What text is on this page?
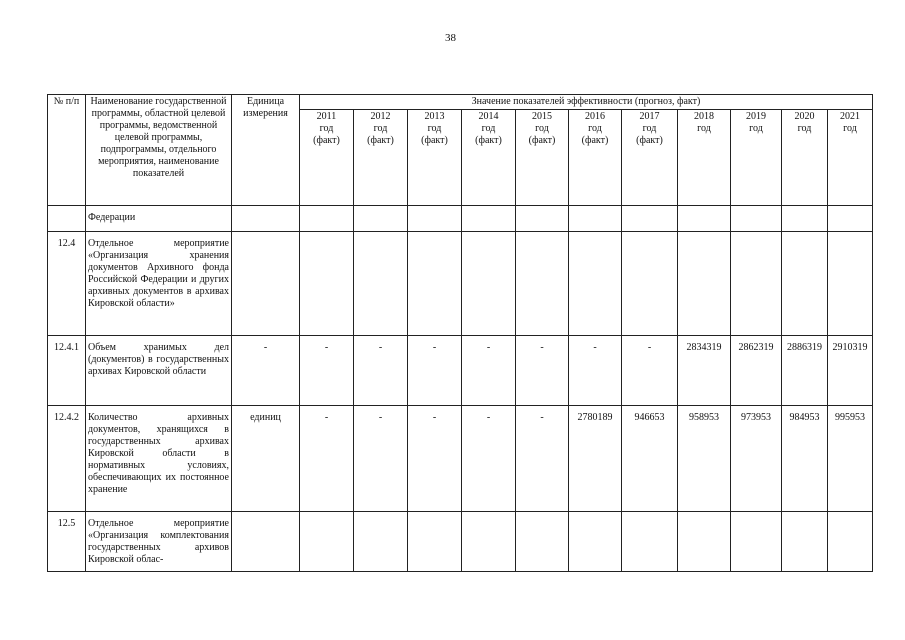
38
№ п/п	Наименование государственной программы, областной целевой программы, ведомственной целевой программы, подпрограммы, отдельного мероприятия, наименование показателей	Единица измерения	Значение показателей эффективности (прогноз, факт)										
			2011
год
(факт)	2012
год
(факт)	2013
год
(факт)	2014
год
(факт)	2015
год
(факт)	2016
год
(факт)	2017
год
(факт)	2018
год	2019
год	2020
год	2021
год
	Федерации												
12.4	Отдельное мероприятие «Организация хранения документов Архивного фонда Российской Федерации и других архивных документов в архивах Кировской области»												
12.4.1	Объем хранимых дел (документов) в государственных архивах Кировской области	-	-	-	-	-	-	-	-	2834319	2862319	2886319	2910319
12.4.2	Количество архивных документов, хранящихся в государственных архивах Кировской области в нормативных условиях, обеспечивающих их постоянное хранение	единиц	-	-	-	-	-	2780189	946653	958953	973953	984953	995953
12.5	Отдельное мероприятие «Организация комплектования государственных архивов Кировской облас-												
